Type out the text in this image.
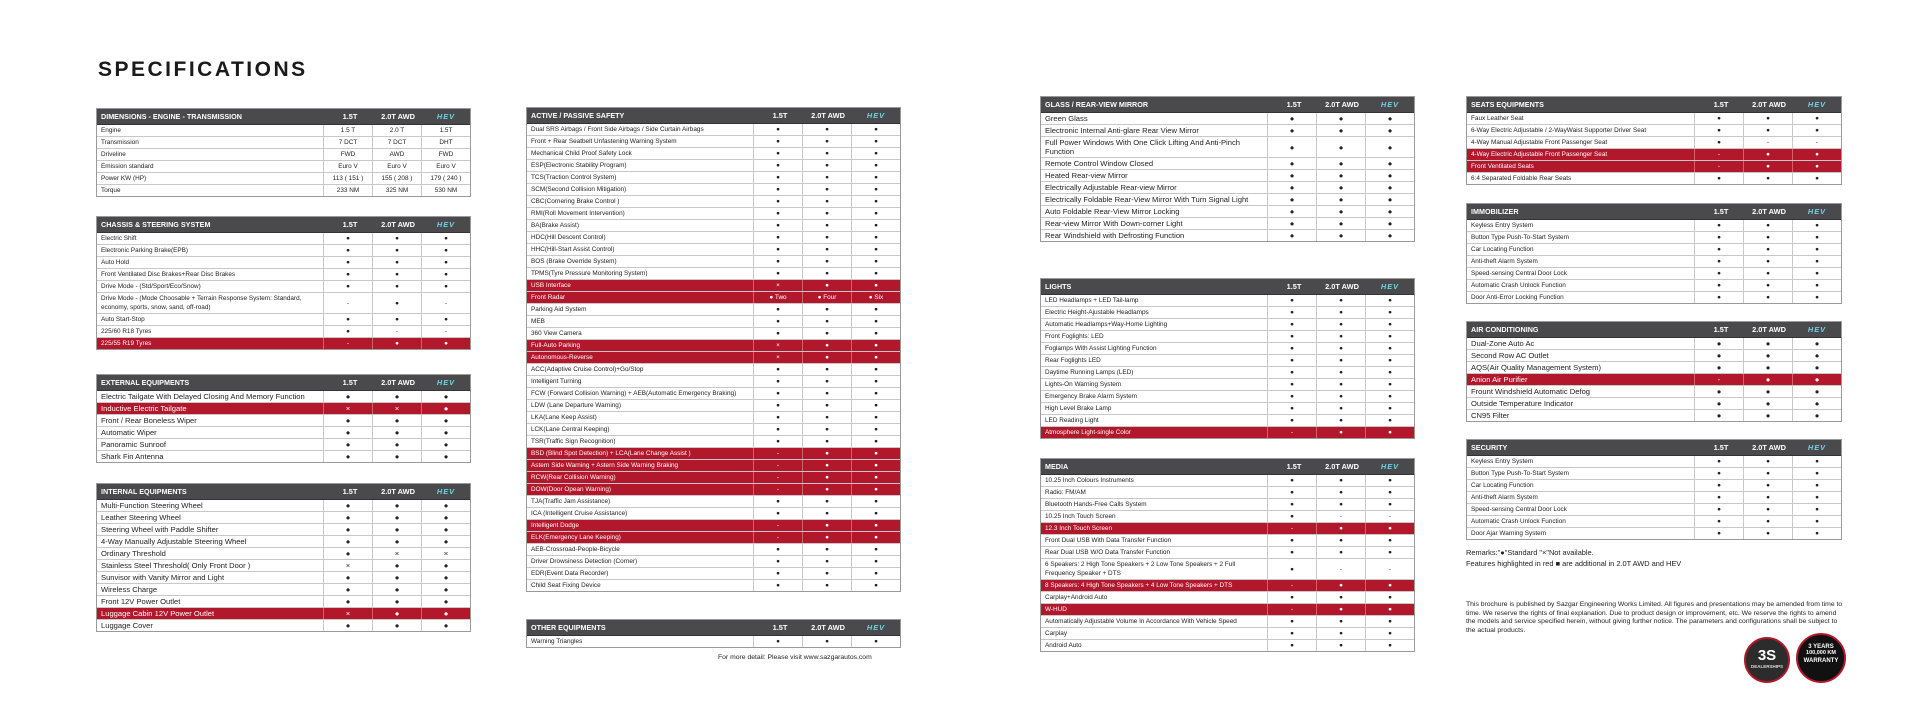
SPECIFICATIONS
DIMENSIONS - ENGINE - TRANSMISSION	1.5T	2.0T AWD	HEV
Engine	1.5 T	2.0 T	1.5T
Transmission	7 DCT	7 DCT	DHT
Driveline	FWD	AWD	FWD
Emission standard	Euro V	Euro V	Euro V
Power KW (HP)	113 ( 151 )	155 ( 208 )	179 ( 240 )
Torque	233 NM	325 NM	530 NM
CHASSIS & STEERING SYSTEM	1.5T	2.0T AWD	HEV
Electric Shift	●	●	●
Electronic Parking Brake(EPB)	●	●	●
Auto Hold	●	●	●
Front Ventilated Disc Brakes+Rear Disc Brakes	●	●	●
Drive Mode - (Std/Sport/Eco/Snow)	●	●	●
Drive Mode - (Mode Choosable + Terrain Response System: Standard, economy, sports, snow, sand, off-road)
-	●	-
Auto Start-Stop	●	●	●
225/60 R18 Tyres	●	-	-
225/55 R19 Tyres	-	●	●
EXTERNAL EQUIPMENTS	1.5T	2.0T AWD	HEV
Electric Tailgate With Delayed Closing And Memory Function	●	●	●
Inductive Electric Tailgate	×	×	●
Front / Rear Boneless Wiper	●	●	●
Automatic Wiper	●	●	●
Panoramic Sunroof	●	●	●
Shark Fin Antenna	●	●	●
INTERNAL EQUIPMENTS	1.5T	2.0T AWD	HEV
Multi-Function Steering Wheel	●	●	●
Leather Steering Wheel	●	●	●
Steering Wheel with Paddle Shifter	●	●	●
4-Way Manually Adjustable Steering Wheel	●	●	●
Ordinary Threshold	●	×	×
Stainless Steel Threshold( Only Front Door )	×	●	●
Sunvisor with Vanity Mirror and Light	●	●	●
Wireless Charge	●	●	●
Front 12V Power Outlet	●	●	●
Luggage Cabin 12V Power Outlet	×	●	●
Luggage Cover	●	●	●
ACTIVE / PASSIVE SAFETY	1.5T	2.0T AWD	HEV
Dual SRS Airbags / Front Side Airbags / Side Curtain Airbags	●	●	●
Front + Rear Seatbelt Unfastening Warning System	●	●	●
Mechanical Child Proof Safety Lock	●	●	●
ESP(Electronic Stability Program)	●	●	●
TCS(Traction Control System)	●	●	●
SCM(Second Collision Mitigation)	●	●	●
CBC(Cornering Brake Control )	●	●	●
RMI(Roll Movement Intervention)	●	●	●
BA(Brake Assist)	●	●	●
HDC(Hill Descent Control)	●	●	●
HHC(Hill-Start Assist Control)	●	●	●
BOS (Brake Override System)	●	●	●
TPMS(Tyre Pressure Monitoring System)	●	●	●
USB Interface	×	●	●
Front Radar	● Two	● Four	● Six
Parking Aid System	●	●	●
MEB	●	●	●
360 View Camera	●	●	●
Full-Auto Parking	×	●	●
Autonomous-Reverse	×	●	●
ACC(Adaptive Cruise Control)+Go/Stop	●	●	●
Intelligent Turning	●	●	●
FCW (Forward Collision Warning) + AEB(Automatic Emergency Braking)	●	●	●
LDW (Lane Departure Warning)	●	●	●
LKA(Lane Keep Assist)	●	●	●
LCK(Lane Central Keeping)	●	●	●
TSR(Traffic Sign Recognition)	●	●	●
BSD (Blind Spot Detection) + LCA(Lane Change Assist )	-	●	●
Astern Side Warning + Astern Side Warning Braking	-	●	●
RCW(Rear Collision Warning)	-	●	●
DOW(Door Opean Warning)	-	●	●
TJA(Traffic Jam Assistance)	●	●	●
ICA (Intelligent Cruise Assistance)	●	●	●
Intelligent Dodge	-	●	●
ELK(Emergency Lane Keeping)	-	●	●
AEB-Crossroad-People-Bicycle	●	●	●
Driver Drowsiness Detection (Corner)	●	●	●
EDR(Event Data Recorder)	●	●	●
Child Seat Fixing Device	●	●	●
OTHER EQUIPMENTS	1.5T	2.0T AWD	HEV
Warning Triangles	●	●	●
For more detail: Please visit www.sazgarautos.com
GLASS / REAR-VIEW MIRROR	1.5T	2.0T AWD	HEV
Green Glass	●	●	●
Electronic Internal Anti-glare Rear View Mirror	●	●	●
Full Power Windows With One Click Lifting And Anti-Pinch Function	●	●	●
Remote Control Window Closed	●	●	●
Heated Rear-view Mirror	●	●	●
Electrically Adjustable Rear-view Mirror	●	●	●
Electrically Foldable Rear-View Mirror With Turn Signal Light	●	●	●
Auto Foldable Rear-View Mirror Locking	●	●	●
Rear-view Mirror With Down-corner Light	●	●	●
Rear Windshield with Defrosting Function	●	●	●
LIGHTS	1.5T	2.0T AWD	HEV
LED Headlamps + LED Tail-lamp	●	●	●
Electric Height-Ajustable Headlamps	●	●	●
Automatic Headlamps+Way-Home Lighting	●	●	●
Front Foglights: LED	●	●	●
Foglamps With Assist Lighting Function	●	●	●
Rear Foglights LED	●	●	●
Daytime Running Lamps (LED)	●	●	●
Lights-On Warning System	●	●	●
Emergency Brake Alarm System	●	●	●
High Level Brake Lamp	●	●	●
LED Reading Light	●	●	●
Atmosphere Light-single Color	-	●	●
MEDIA	1.5T	2.0T AWD	HEV
10.25 Inch Colours Instruments	●	●	●
Radio: FM/AM	●	●	●
Bluetooth Hands-Free Calls System	●	●	●
10.25 Inch Touch Screen	●	-	-
12.3 Inch Touch Screen	-	●	●
Front Dual USB With Data Transfer Function	●	●	●
Rear Dual USB W/O Data Transfer Function	●	●	●
6 Speakers: 2 High Tone Speakers + 2 Low Tone Speakers + 2 Full Frequency Speaker + DTS
●	-	-
8 Speakers: 4 High Tone Speakers + 4 Low Tone Speakers + DTS	-	●	●
Carplay+Android Auto	●	●	●
W-HUD	-	●	●
Automatically Adjustable Volume In Accordance With Vehicle Speed	●	●	●
Carplay	●	●	●
Android Auto	●	●	●
SEATS EQUIPMENTS	1.5T	2.0T AWD	HEV
Faux Leather Seat	●	●	●
6-Way Electric Adjustable / 2-WayWaist Supporter Driver Seat	●	●	●
4-Way Manual Adjustable Front Passenger Seat	●	-	-
4-Way Electric Adjustable Front Passenger Seat	-	●	●
Front Ventilated Seats	-	●	●
6:4 Separated Foldable Rear Seats	●	●	●
IMMOBILIZER	1.5T	2.0T AWD	HEV
Keyless Entry System	●	●	●
Button Type Push-To-Start System	●	●	●
Car Locating Function	●	●	●
Anti-theft Alarm System	●	●	●
Speed-sensing Central Door Lock	●	●	●
Automatic Crash Unlock Function	●	●	●
Door Anti-Error Locking Function	●	●	●
AIR CONDITIONING	1.5T	2.0T AWD	HEV
Dual-Zone Auto Ac	●	●	●
Second Row AC Outlet	●	●	●
AQS(Air Quality Management System)	●	●	●
Anion Air Purifier	-	●	●
Frount Windshield Automatic Defog	●	●	●
Outside Temperature Indicator	●	●	●
CN95 Filter	●	●	●
SECURITY	1.5T	2.0T AWD	HEV
Keyless Entry System	●	●	●
Button Type Push-To-Start System	●	●	●
Car Locating Function	●	●	●
Anti-theft Alarm System	●	●	●
Speed-sensing Central Door Lock	●	●	●
Automatic Crash Unlock Function	●	●	●
Door Ajar Warning System	●	●	●
Remarks:"●"Standard "×"Not available.
Features highlighted in red ■ are additional in 2.0T AWD and HEV
This brochure is published by Sazgar Engineering Works Limited. All figures and presentations may be amended from time to time. We reserve the rights of final explanation. Due to product design or improvement, etc. We reserve the rights to amend the models and service specified herein, without giving further notice. The parameters and configurations shall be subject to the actual products.
3S
DEALERSHIPS
3 YEARS
100,000 KM
WARRANTY
